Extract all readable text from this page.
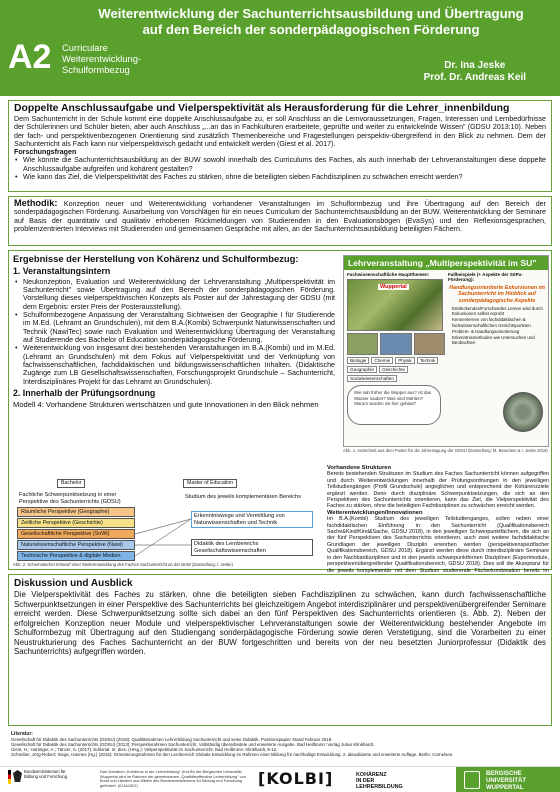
Weiterentwicklung der Sachunterrichtsausbildung und Übertragung
auf den Bereich der sonderpädagogischen Förderung
A2 Curriculare
Weiterentwicklung-
Schulformbezug	Dr. Ina Jeske
Prof. Dr. Andreas Keil
Doppelte Anschlussaufgabe und Vielperspektivität als Herausforderung für die Lehrer_innenbildung
Dem Sachunterricht in der Schule kommt eine doppelte Anschlussaufgabe zu, er soll Anschluss an die Lernvoraussetzungen, Fragen, Interessen und Lernbedürfnisse der Schülerinnen und Schüler bieten, aber auch Anschluss „...an das in Fachkulturen erarbeitete, geprüfte und weiter zu entwickelnde Wissen" (GDSU 2013:10). Neben der fach- und perspektivenbezogenen Orientierung sind zusätzlich Themenbereiche und Fragestellungen perspektiv-übergreifend in den Blick zu nehmen. Dem der Sachunterricht als Fach kann nur vielperspektivisch gedacht und entwickelt werden (Giest et al. 2017).
Forschungsfragen
• Wie könnte die Sachunterrichtsausbildung an der BUW sowohl innerhalb des Curriculums des Faches, als auch innerhalb der Lehrveranstaltungen diese doppelte Anschlussaufgabe aufgreifen und kohärent gestalten?
• Wie kann das Ziel, die Vielperspektivität des Faches zu stärken, ohne die beteiligten sieben Fachdisziplinen zu schwächen erreicht werden?
Methodik: Konzeption neuer und Weiterentwicklung vorhandener Veranstaltungen im Schulformbezug und ihre Übertragung auf den Bereich der sonderpädagogischen Förderung. Ausarbeitung von Vorschlägen für ein neues Curriculum der Sachunterrichtsausbildung an der BUW. Weiterentwicklung der Seminare auf Basis der quantitativ und qualitativ erhobenen Rückmeldungen von Studierenden in den Evaluationsbögen (EvaSys) und den Reflexionsgesprachen, problemzentrierten Interviews mit Studierenden und gemeinsamen Gespräche mit allen, an der Sachunterrichtsausbildung beteiligten Fächern.
Ergebnisse der Herstellung von Kohärenz und Schulformbezug:
1. Veranstaltungsintern
• Neukonzeption, Evaluation und Weiterentwicklung der Lehrveranstaltung „Multiperspektivität im Sachunterricht" sowie Übertragung auf den Bereich der sonderpädagogischen Förderung. Vorstellung dieses vielperspektivischen Konzepts als Poster auf der Jahrestagung der GDSU (mit dem Ergebnis: erster Preis der Posterausstellung).
• Schulformbezogene Anpassung der Veranstaltung Sichtweisen der Geographie I für Studierende im M.Ed. (Lehramt an Grundschulen), mit dem B.A.(Kombi) Schwerpunkt Naturwissenschaften und Technik (NawiTec) sowie nach Evaluation und Weiterentwicklung Übertragung der Veranstaltung auf Studierende des Bachelor of Education sonderpädagogische Förderung.
• Weiterentwicklung von insgesamt drei bestehenden Veranstaltungen im B.A.(Kombi) und im M.Ed. (Lehramt an Grundschulen) mit dem Fokus auf Vielperspektivität und der Verknüpfung von fachwissenschaftlichen, fachdidaktischen und bildungswissenschaftlichen Inhalten. (Didaktische Zugänge zum LB Gesellschaftswissenschaften, Forschungsprojekt Grundschule – Sachunterricht, Interdisziplinäres Projekt für das Lehramt an Grundschulen).
2. Innerhalb der Prüfungsordnung
Modell 4: Vorhandene Strukturen wertschätzen und gute Innovationen in den Blick nehmen
Lehrveranstaltung „Multiperspektivität im SU"
Fachwissenschaftliche Hauptthemen:
Wuppertal
Biologie	Chemie	Physik	Technik
Geographie	Geschichte
Sozialwissenschaften
Wie sah früher die Wupper aus? Ist das Wasser sauber? Was sind Mühlen? Warum wurden sie hier gebaut?
Fallbeispiele (+ Aspekte der SöPa-Förderung):
Handlungsorientierte Exkursionen im Sachunterricht im Hinblick auf sonderpädagogische Aspekte
Entdeckendes/Forschendes Lernen wird durch Exkursionen selbst erprobt
Kennenlernen von fachdidaktischen & fachwissenschaftlichen Gesichtspunkten
Problem- & Handlungsorientierung
Erkenntnismethoden wie Untersuchen und Beobachten
Abb. 1: Ausschnitt aus dem Poster für die Jahrestagung der GDSU (Darstellung: M. Beuerlein & I. Jeske 2018)
Bachelor	Master of Education
Fachliche Schwerpunktsetzung in einer Perspektive des Sachunterrichts (GDSU)
Studium des jeweils komplementären Bereichs
Räumliche Perspektive (Geographie)
Zeitliche Perspektive (Geschichte)
Gesellschaftliche Perspektive (SoWi)
Naturwissenschaftliche Perspektive (Nawi)
Technische Perspektive & digitale Medien
Erkenntniswege und Vermittlung von Naturwissenschaften und Technik
Didaktik des Lernbereichs Gesellschaftswissenschaften
Abb. 2: Schematischer Entwurf einer Weiterentwicklung des Faches Sachunterricht an der BUW (Darstellung: I. Jeske)
Vorhandene Strukturen
Bereits bestehenden Strukturen im Studium des Faches Sachunterricht können aufgegriffen und durch Weiterentwicklungen innerhalb der Prüfungsordnungen in den jeweiligen Teilstudiengängen (Profil Grundschule) angeglichen und entsprechend der Kohärenzziele ergänzt werden. Denn durch disziplinäre Schwerpunktsetzungen, die sich an den Perspektiven des Sachunterrichts orientieren, kann das Ziel, die Vielperspektivität des Faches zu stärken, ohne die beteiligten Fachdisziplinen zu schwächen erreicht werden.
Weiterentwicklungen/Innovationen
Im B.A.(Kombi) Studium des jeweiligen Teilstudienganges, sollen neben einer fachdidaktischen Einführung in den Sachunterricht (Qualifikationsbereich Sache&Kind/Kind&Sache, GDSU 2018), in den jeweiligen Schwerpunktfächern, die sich an der fünf Perspektiven des Sachunterrichts orientieren, auch zwei weitere fachdidaktische Grundlagen der jeweiligen Disziplin erworben werden (perspektivenspezifischer Qualifikationsbereich, GDSU 2018). Ergänzt werden diese durch interdisziplinäre Seminare in den Nachbardisziplinen und in den jeweils schwerpunktfernen Disziplinen (Exportmodule, perspektivenübergreifender Qualifikationsbereich, GDSU 2018). Dies soll die Akzeptanz für die jeweils komplementär mit dem Studium studierende Fächerkombination bereits im
Diskussion und Ausblick

Die Vielperspektivität des Faches zu stärken, ohne die beteiligten sieben Fachdisziplinen zu schwächen, kann durch fachwissenschaftliche Schwerpunktsetzungen in einer Perspektive des Sachunterrichts bei gleichzeitigem Angebot interdisziplinärer und perspektivenübergreifender Seminare erreicht werden. Diese Schwerpunktsetzung sollte sich dabei an den fünf Perspektiven des Sachunterrichts orientieren (s. Abb. 2). Neben der erfolgreichen Konzeption neuer Module und vielperspektivischer Lehrveranstaltungen sowie der Weiterentwicklung bestehender Angebote im Schulformbezug mit Übertragung auf den Studiengang sonderpädagogische Förderung sowie deren Verstetigung, sind die Vorarbeiten zu einer Neustrukturierung des Faches Sachunterricht an der BUW fortgeschritten und bereits von der neu besetzten Juniorprofessur (Didaktik des Sachunterrichts) aufgegriffen worden.

Literatur:
Gesellschaft für Didaktik des Sachunterrichts (GDSU) (2018): Qualitätsrahmen Lehrerbildung Sachunterricht und seine Didaktik. Positionspapier Stand Februar 2018.
Gesellschaft für Didaktik des Sachunterrichts (GDSU) (2013): Perspektivrahmen Sachunterricht. Vollständig überarbeitete und erweiterte Ausgabe. Bad Heilbrunn: Verlag Julius Klinkhardt.
Giest, H.; Hartinger, A.; Tänzer, S. (2017): Editorial. In: dies. (Hrsg.): Vielperspektivität im Sachunterricht. Bad Heilbrunn: Klinkhardt, 9-12.
Schreiber, Jörg-Robert; Siege, Hannes (Hg.) (2016): Orientierungsrahmen für den Lernbereich Globale Entwicklung im Rahmen einer Bildung für nachhaltige Entwicklung. 2. aktualisierte und erweiterte Auflage. Berlin: Cornelsen.
Bundesministerium für Bildung und Forschung
Das Vorhaben „Kohärenz in der Lehrerbildung" (KoLBi) der Bergischen Universität Wuppertal wird im Rahmen der gemeinsamen „Qualitätsoffensive Lehrerbildung" von Bund und Ländern aus Mitteln des Bundesministeriums für Bildung und Forschung gefördert. (01JA1507)	[KOLBI]	KOHÄRENZ
IN DER
LEHRERBILDUNG
BERGISCHE
UNIVERSITÄT
WUPPERTAL
